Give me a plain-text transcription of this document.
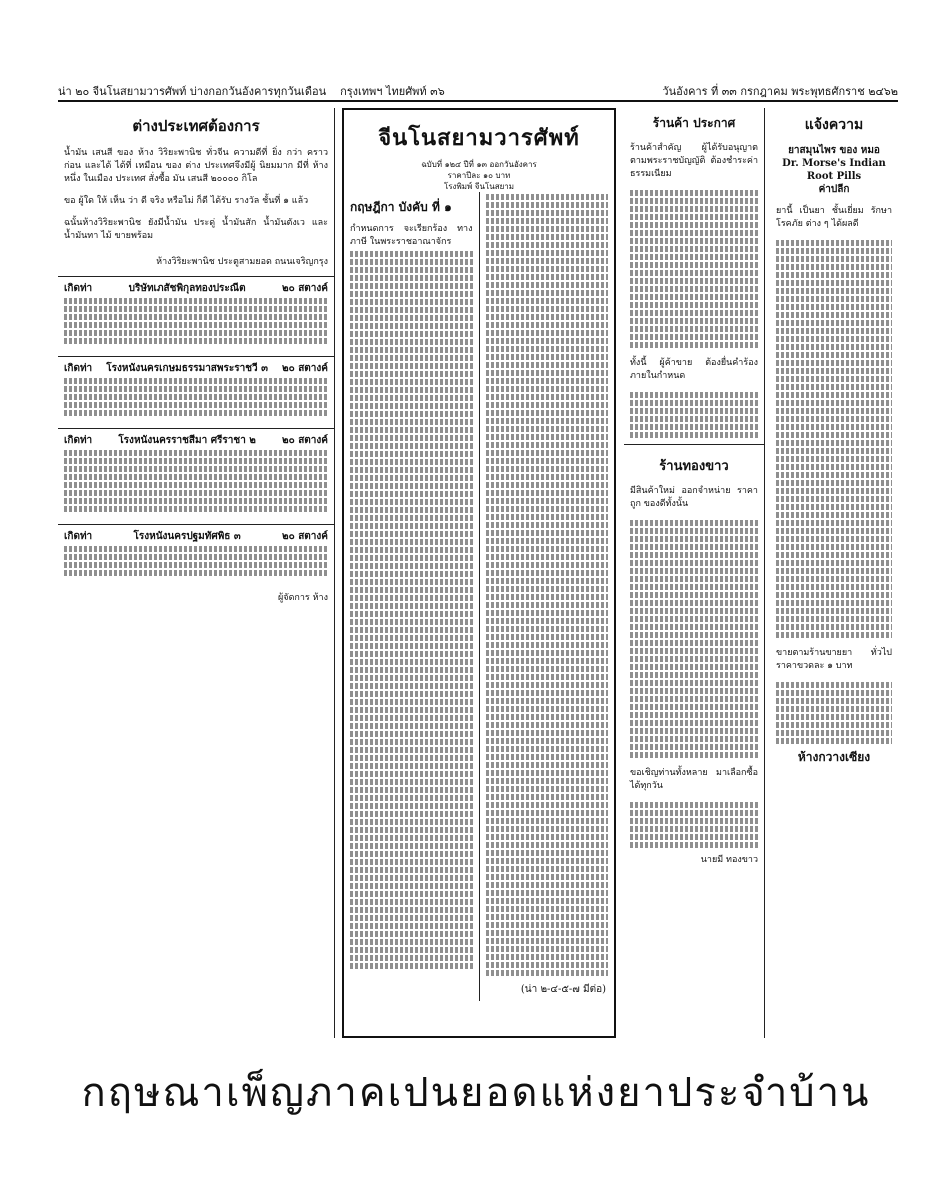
น่า ๒๐ จีนโนสยามวารศัพท์ บ่างกอกวันอังคารทุกวันเดือน กรุงเทพฯ ไทยศัพท์ ๓๖	วันอังคาร ที่ ๓๓ กรกฎาคม พระพุทธศักราช ๒๔๖๒
ต่างประเทศต้องการ

น้ำมัน เสนสี ของ ห้าง วิริยะพานิช ทั่วจีน ความดีที่ ยิ่ง กว่า คราว ก่อน และได้ ได้ที่ เหมือน ของ ต่าง ประเทศจึงมีผู้ นิยมมาก มีที่ ห้าง หนึ่ง ในเมือง ประเทศ สั่งซื้อ มัน เสนสี ๒๐๐๐๐ กิโล

ขอ ผู้ใด ให้ เห็น ว่า ดี จริง หรือไม่ ก็ดี ได้รับ รางวัล ชั้นที่ ๑ แล้ว

ฉนั้นห้างวิริยะพานิช ยังมีน้ำมัน ประดู่ น้ำมันสัก น้ำมันตังเว และน้ำมันทา ไม้ ขายพร้อม

ห้างวิริยะพานิช ประตูสามยอด ถนนเจริญกรุง
เกิดท่า	บริษัทเภสัชพิกุลทองประณีต	๒๐ สตางค์
เกิดท่า โรงหนังนครเกษมธรรมาสพระราชวี ๓ ๒๐ สตางค์
เกิดท่า	โรงหนังนครราชสีมา ศรีราชา ๒	๒๐ สตางค์
เกิดท่า	โรงหนังนครปฐมทัศพิธ ๓	๒๐ สตางค์
ผู้จัดการ ห้าง
จีนโนสยามวารศัพท์
ฉบับที่ ๑๒๔ ปีที่ ๑๓ ออกวันอังคาร
ราคาปีละ ๑๐ บาท
โรงพิมพ์ จีนโนสยาม
กฤษฎีกา บังคับ ที่ ๑
กำหนดการ จะเรียกร้อง ทางภาษี ในพระราชอาณาจักร
(น่า ๒-๔-๕-๗ มีต่อ)
ร้านค้า ประกาศ

ร้านค้าสำคัญ ผู้ได้รับอนุญาต ตามพระราชบัญญัติ ต้องชำระค่าธรรมเนียม

ทั้งนี้ ผู้ค้าขาย ต้องยื่นคำร้อง ภายในกำหนด

ร้านทองขาว

มีสินค้าใหม่ ออกจำหน่าย ราคาถูก ของดีทั้งนั้น

ขอเชิญท่านทั้งหลาย มาเลือกซื้อได้ทุกวัน

นายมี ทองขาว
แจ้งความ
ยาสมุนไพร ของ หมอ
Dr. Morse's Indian
Root Pills
ค่าปลีก

ยานี้ เป็นยา ชั้นเยี่ยม รักษาโรคภัย ต่าง ๆ ได้ผลดี

ขายตามร้านขายยา ทั่วไป ราคาขวดละ ๑ บาท

ห้างกวางเซียง
กฤษณาเพ็ญภาคเปนยอดแห่งยาประจำบ้าน
